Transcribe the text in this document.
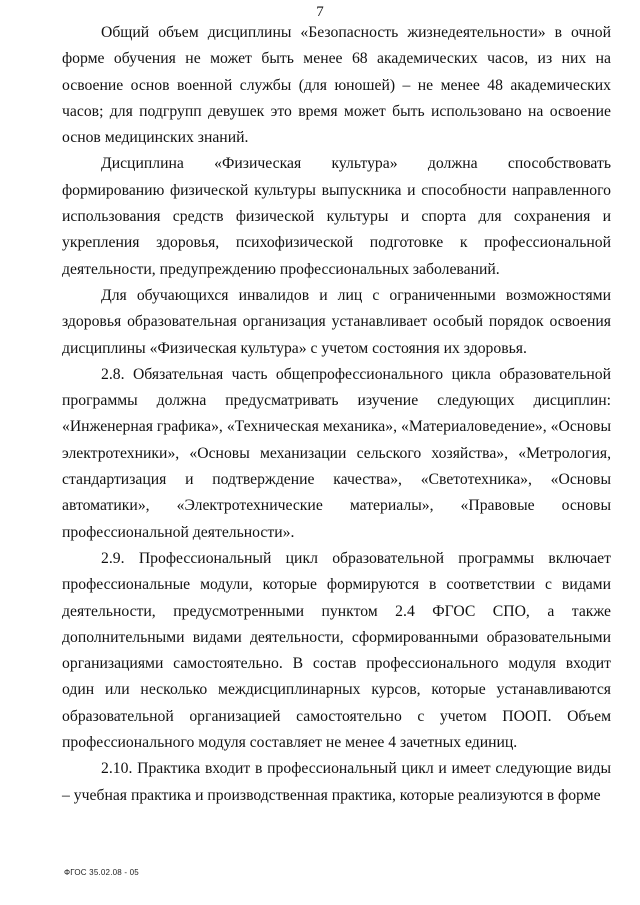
7

Общий объем дисциплины «Безопасность жизнедеятельности» в очной форме обучения не может быть менее 68 академических часов, из них на освоение основ военной службы (для юношей) – не менее 48 академических часов; для подгрупп девушек это время может быть использовано на освоение основ медицинских знаний.

Дисциплина «Физическая культура» должна способствовать формированию физической культуры выпускника и способности направленного использования средств физической культуры и спорта для сохранения и укрепления здоровья, психофизической подготовке к профессиональной деятельности, предупреждению профессиональных заболеваний.

Для обучающихся инвалидов и лиц с ограниченными возможностями здоровья образовательная организация устанавливает особый порядок освоения дисциплины «Физическая культура» с учетом состояния их здоровья.

2.8. Обязательная часть общепрофессионального цикла образовательной программы должна предусматривать изучение следующих дисциплин: «Инженерная графика», «Техническая механика», «Материаловедение», «Основы электротехники», «Основы механизации сельского хозяйства», «Метрология, стандартизация и подтверждение качества», «Светотехника», «Основы автоматики», «Электротехнические материалы», «Правовые основы профессиональной деятельности».

2.9. Профессиональный цикл образовательной программы включает профессиональные модули, которые формируются в соответствии с видами деятельности, предусмотренными пунктом 2.4 ФГОС СПО, а также дополнительными видами деятельности, сформированными образовательными организациями самостоятельно. В состав профессионального модуля входит один или несколько междисциплинарных курсов, которые устанавливаются образовательной организацией самостоятельно с учетом ПООП. Объем профессионального модуля составляет не менее 4 зачетных единиц.

2.10. Практика входит в профессиональный цикл и имеет следующие виды – учебная практика и производственная практика, которые реализуются в форме

ФГОС 35.02.08 - 05
